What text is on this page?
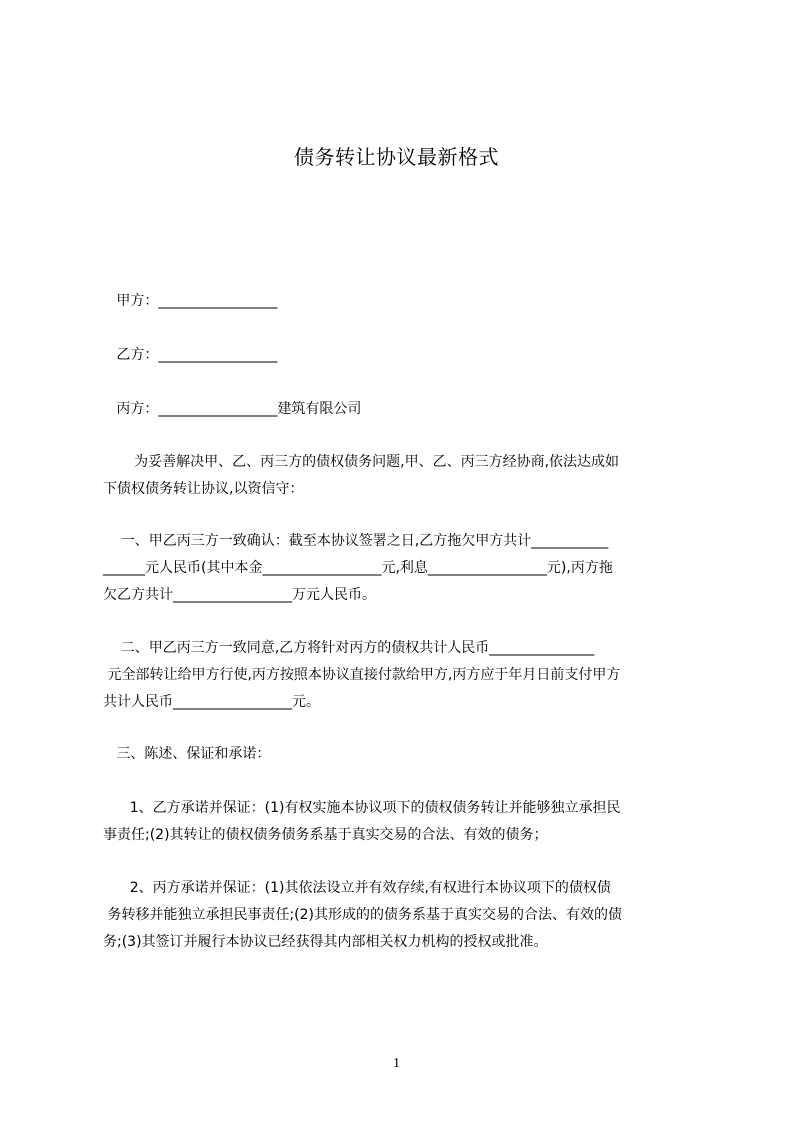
债务转让协议最新格式
甲方：_________________
乙方：_________________
丙方：_________________建筑有限公司
为妥善解决甲、乙、丙三方的债权债务问题,甲、乙、丙三方经协商,依法达成如
下债权债务转让协议,以资信守：
一、甲乙丙三方一致确认：截至本协议签署之日,乙方拖欠甲方共计___________
______元人民币(其中本金_________________元,利息_________________元),丙方拖
欠乙方共计_________________万元人民币。
二、甲乙丙三方一致同意,乙方将针对丙方的债权共计人民币_______________
元全部转让给甲方行使,丙方按照本协议直接付款给甲方,丙方应于年月日前支付甲方
共计人民币_________________元。
三、陈述、保证和承诺：
1、乙方承诺并保证：(1)有权实施本协议项下的债权债务转让并能够独立承担民
事责任;(2)其转让的债权债务债务系基于真实交易的合法、有效的债务；
2、丙方承诺并保证：(1)其依法设立并有效存续,有权进行本协议项下的债权债
务转移并能独立承担民事责任;(2)其形成的的债务系基于真实交易的合法、有效的债
务;(3)其签订并履行本协议已经获得其内部相关权力机构的授权或批准。
1
